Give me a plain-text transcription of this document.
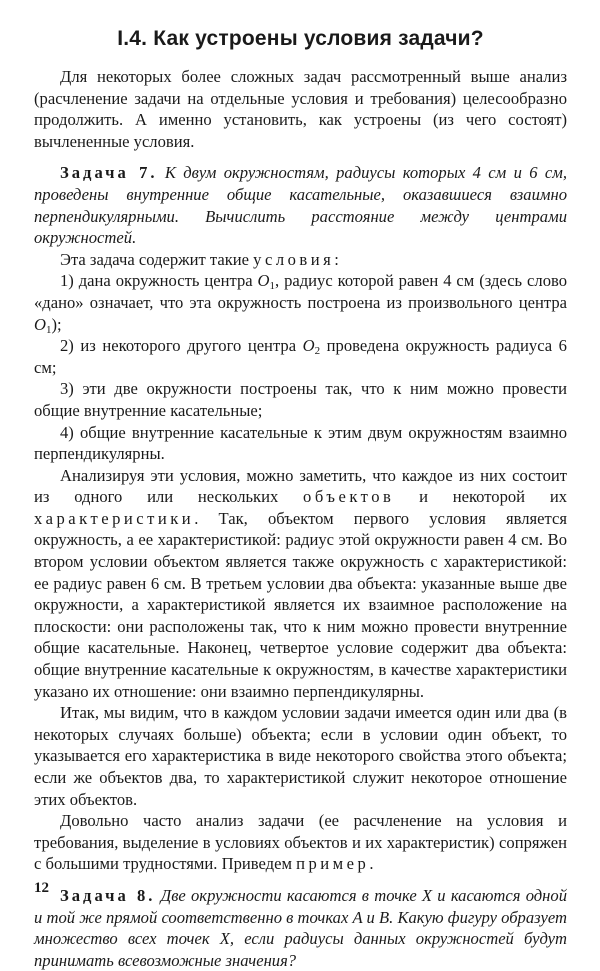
I.4. Как устроены условия задачи?

Для некоторых более сложных задач рассмотренный выше анализ (расчленение задачи на отдельные условия и требования) целесообразно продолжить. А именно установить, как устроены (из чего состоят) вычлененные условия.

Задача 7. К двум окружностям, радиусы которых 4 см и 6 см, проведены внутренние общие касательные, оказавшиеся взаимно перпендикулярными. Вычислить расстояние между центрами окружностей.

Эта задача содержит такие условия:

1) дана окружность центра $O_1$, радиус которой равен 4 см (здесь слово «дано» означает, что эта окружность построена из произвольного центра $O_1$);

2) из некоторого другого центра $O_2$ проведена окружность радиуса 6 см;

3) эти две окружности построены так, что к ним можно провести общие внутренние касательные;

4) общие внутренние касательные к этим двум окружностям взаимно перпендикулярны.

Анализируя эти условия, можно заметить, что каждое из них состоит из одного или нескольких объектов и некоторой их характеристики. Так, объектом первого условия является окружность, а ее характеристикой: радиус этой окружности равен 4 см. Во втором условии объектом является также окружность с характеристикой: ее радиус равен 6 см. В третьем условии два объекта: указанные выше две окружности, а характеристикой является их взаимное расположение на плоскости: они расположены так, что к ним можно провести внутренние общие касательные. Наконец, четвертое условие содержит два объекта: общие внутренние касательные к окружностям, в качестве характеристики указано их отношение: они взаимно перпендикулярны.

Итак, мы видим, что в каждом условии задачи имеется один или два (в некоторых случаях больше) объекта; если в условии один объект, то указывается его характеристика в виде некоторого свойства этого объекта; если же объектов два, то характеристикой служит некоторое отношение этих объектов.

Довольно часто анализ задачи (ее расчленение на условия и требования, выделение в условиях объектов и их характеристик) сопряжен с большими трудностями. Приведем пример.

Задача 8. Две окружности касаются в точке X и касаются одной и той же прямой соответственно в точках A и B. Какую фигуру образует множество всех точек X, если радиусы данных окружностей будут принимать всевозможные значения?

12
